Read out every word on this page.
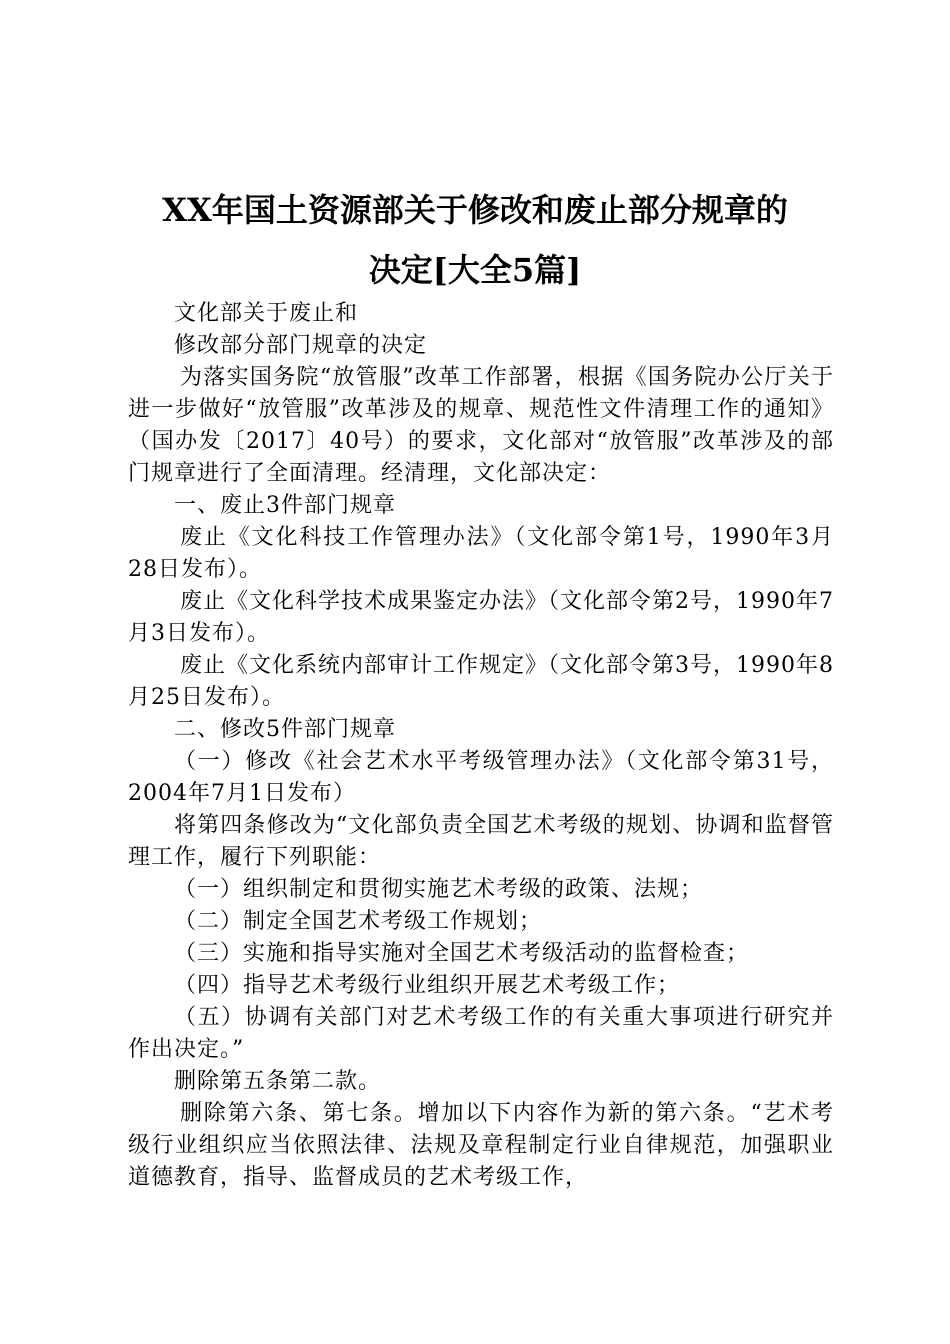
XX年国土资源部关于修改和废止部分规章的
决定[大全5篇]

文化部关于废止和

修改部分部门规章的决定

为落实国务院“放管服”改革工作部署，根据《国务院办公厅关于进一步做好“放管服”改革涉及的规章、规范性文件清理工作的通知》（国办发〔2017〕40号）的要求，文化部对“放管服”改革涉及的部门规章进行了全面清理。经清理，文化部决定：

一、废止3件部门规章

废止《文化科技工作管理办法》（文化部令第1号，1990年3月28日发布）。

废止《文化科学技术成果鉴定办法》（文化部令第2号，1990年7月3日发布）。

废止《文化系统内部审计工作规定》（文化部令第3号，1990年8月25日发布）。

二、修改5件部门规章

（一）修改《社会艺术水平考级管理办法》（文化部令第31号，2004年7月1日发布）

将第四条修改为“文化部负责全国艺术考级的规划、协调和监督管理工作，履行下列职能：

（一）组织制定和贯彻实施艺术考级的政策、法规；

（二）制定全国艺术考级工作规划；

（三）实施和指导实施对全国艺术考级活动的监督检查；

（四）指导艺术考级行业组织开展艺术考级工作；

（五）协调有关部门对艺术考级工作的有关重大事项进行研究并作出决定。”

删除第五条第二款。

删除第六条、第七条。增加以下内容作为新的第六条。“艺术考级行业组织应当依照法律、法规及章程制定行业自律规范，加强职业道德教育，指导、监督成员的艺术考级工作，
